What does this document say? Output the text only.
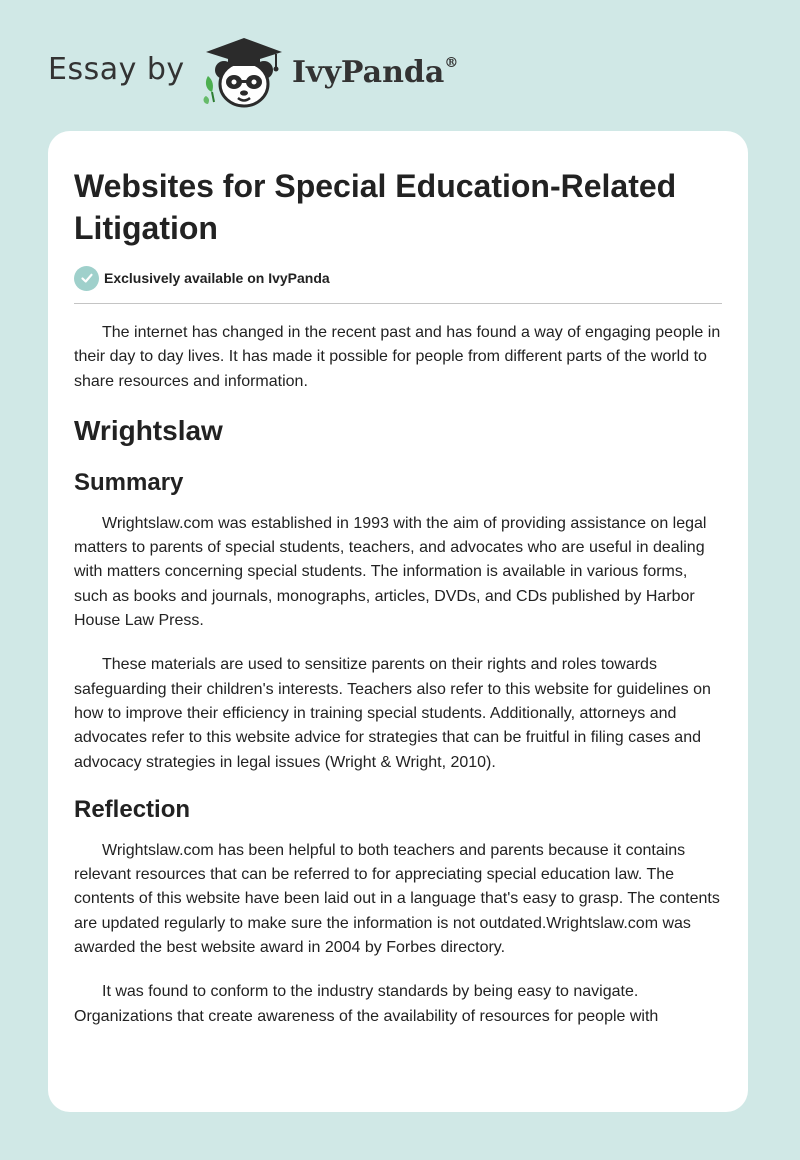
Essay by	IvyPanda®
Websites for Special Education-Related Litigation
Exclusively available on IvyPanda

The internet has changed in the recent past and has found a way of engaging people in their day to day lives. It has made it possible for people from different parts of the world to share resources and information.

Wrightslaw
Summary

Wrightslaw.com was established in 1993 with the aim of providing assistance on legal matters to parents of special students, teachers, and advocates who are useful in dealing with matters concerning special students. The information is available in various forms, such as books and journals, monographs, articles, DVDs, and CDs published by Harbor House Law Press.

These materials are used to sensitize parents on their rights and roles towards safeguarding their children's interests. Teachers also refer to this website for guidelines on how to improve their efficiency in training special students. Additionally, attorneys and advocates refer to this website advice for strategies that can be fruitful in filing cases and advocacy strategies in legal issues (Wright & Wright, 2010).

Reflection

Wrightslaw.com has been helpful to both teachers and parents because it contains relevant resources that can be referred to for appreciating special education law. The contents of this website have been laid out in a language that's easy to grasp. The contents are updated regularly to make sure the information is not outdated.Wrightslaw.com was awarded the best website award in 2004 by Forbes directory.

It was found to conform to the industry standards by being easy to navigate. Organizations that create awareness of the availability of resources for people with
